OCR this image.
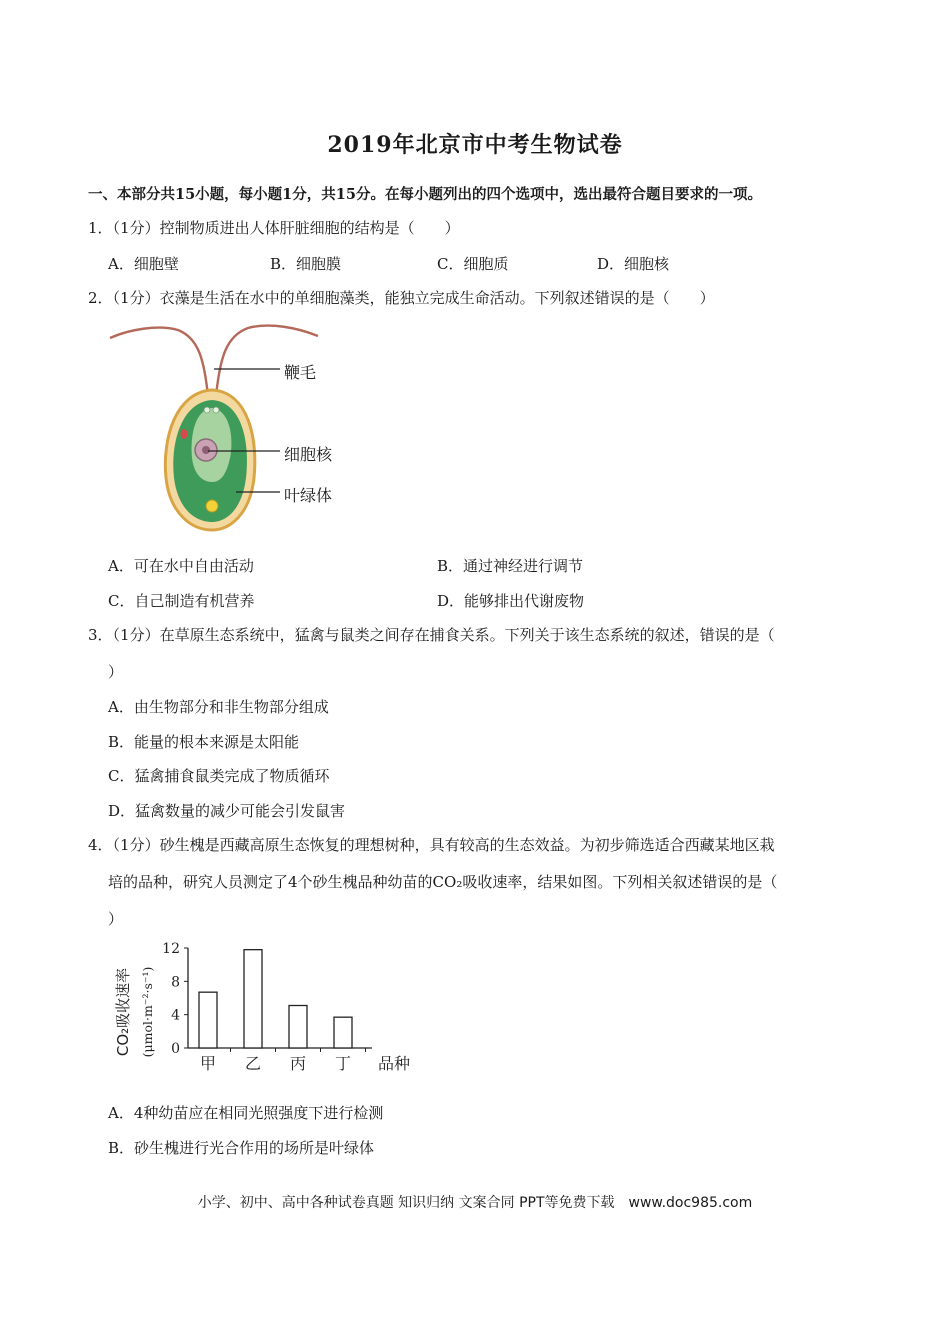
2019年北京市中考生物试卷
一、本部分共15小题，每小题1分，共15分。在每小题列出的四个选项中，选出最符合题目要求的一项。
1．（1分）控制物质进出人体肝脏细胞的结构是（　　）
A．细胞壁	B．细胞膜	C．细胞质	D．细胞核
2．（1分）衣藻是生活在水中的单细胞藻类，能独立完成生命活动。下列叙述错误的是（　　）
鞭毛
细胞核
叶绿体
A．可在水中自由活动	B．通过神经进行调节
C．自己制造有机营养	D．能够排出代谢废物
3．（1分）在草原生态系统中，猛禽与鼠类之间存在捕食关系。下列关于该生态系统的叙述，错误的是（
）
A．由生物部分和非生物部分组成
B．能量的根本来源是太阳能
C．猛禽捕食鼠类完成了物质循环
D．猛禽数量的减少可能会引发鼠害
4．（1分）砂生槐是西藏高原生态恢复的理想树种，具有较高的生态效益。为初步筛选适合西藏某地区栽
培的品种，研究人员测定了4个砂生槐品种幼苗的CO₂吸收速率，结果如图。下列相关叙述错误的是（
）
CO₂吸收速率 (μmol·m⁻²·s⁻¹) 0
4
8
12
甲 乙 丙 丁 品种
A．4种幼苗应在相同光照强度下进行检测
B．砂生槐进行光合作用的场所是叶绿体
小学、初中、高中各种试卷真题 知识归纳 文案合同 PPT等免费下载　www.doc985.com
